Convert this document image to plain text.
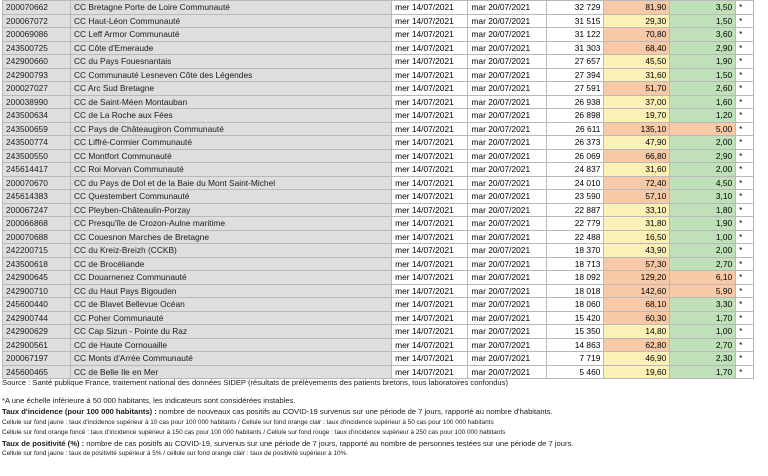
200070662	CC Bretagne Porte de Loire Communauté	mer 14/07/2021	mar 20/07/2021	32 729	81,90	3,50	*
200067072	CC Haut-Léon Communauté	mer 14/07/2021	mar 20/07/2021	31 515	29,30	1,50	*
200069086	CC Leff Armor Communauté	mer 14/07/2021	mar 20/07/2021	31 122	70,80	3,60	*
243500725	CC Côte d'Emeraude	mer 14/07/2021	mar 20/07/2021	31 303	68,40	2,90	*
242900660	CC du Pays Fouesnantais	mer 14/07/2021	mar 20/07/2021	27 657	45,50	1,90	*
242900793	CC Communauté Lesneven Côte des Légendes	mer 14/07/2021	mar 20/07/2021	27 394	31,60	1,50	*
200027027	CC Arc Sud Bretagne	mer 14/07/2021	mar 20/07/2021	27 591	51,70	2,60	*
200038990	CC de Saint-Méen Montauban	mer 14/07/2021	mar 20/07/2021	26 938	37,00	1,60	*
243500634	CC de La Roche aux Fées	mer 14/07/2021	mar 20/07/2021	26 898	19,70	1,20	*
243500659	CC Pays de Châteaugiron Communauté	mer 14/07/2021	mar 20/07/2021	26 611	135,10	5,00	*
243500774	CC Liffré-Cormier Communauté	mer 14/07/2021	mar 20/07/2021	26 373	47,90	2,00	*
243500550	CC Montfort Communauté	mer 14/07/2021	mar 20/07/2021	26 069	66,80	2,90	*
245614417	CC Roi Morvan Communauté	mer 14/07/2021	mar 20/07/2021	24 837	31,60	2,00	*
200070670	CC du Pays de Dol et de la Baie du Mont Saint-Michel	mer 14/07/2021	mar 20/07/2021	24 010	72,40	4,50	*
245614383	CC Questembert Communauté	mer 14/07/2021	mar 20/07/2021	23 590	57,10	3,10	*
200067247	CC Pleyben-Châteaulin-Porzay	mer 14/07/2021	mar 20/07/2021	22 887	33,10	1,80	*
200066868	CC Presqu'île de Crozon-Aulne maritime	mer 14/07/2021	mar 20/07/2021	22 779	31,80	1,90	*
200070688	CC Couesnon Marches de Bretagne	mer 14/07/2021	mar 20/07/2021	22 488	16,50	1,00	*
242200715	CC du Kreiz-Breizh (CCKB)	mer 14/07/2021	mar 20/07/2021	18 370	43,90	2,00	*
243500618	CC de Brocéliande	mer 14/07/2021	mar 20/07/2021	18 713	57,30	2,70	*
242900645	CC Douarnenez Communauté	mer 14/07/2021	mar 20/07/2021	18 092	129,20	6,10	*
242900710	CC du Haut Pays Bigouden	mer 14/07/2021	mar 20/07/2021	18 018	142,60	5,90	*
245600440	CC de Blavet Bellevue Océan	mer 14/07/2021	mar 20/07/2021	18 060	68,10	3,30	*
242900744	CC Poher Communauté	mer 14/07/2021	mar 20/07/2021	15 420	60,30	1,70	*
242900629	CC Cap Sizun - Pointe du Raz	mer 14/07/2021	mar 20/07/2021	15 350	14,80	1,00	*
242900561	CC de Haute Cornouaille	mer 14/07/2021	mar 20/07/2021	14 863	62,80	2,70	*
200067197	CC Monts d'Arrée Communauté	mer 14/07/2021	mar 20/07/2021	7 719	46,90	2,30	*
245600465	CC de Belle Ile en Mer	mer 14/07/2021	mar 20/07/2021	5 460	19,60	1,70	*

Source : Santé publique France, traitement national des données SIDEP (résultats de prélèvements des patients bretons, tous laboratoires confondus)

*A une échelle inférieure à 50 000 habitants, les indicateurs sont considérées instables.

Taux d'incidence (pour 100 000 habitants) : nombre de nouveaux cas positifs au COVID-19 survenus sur une période de 7 jours, rapporté au nombre d'habitants.

Cellule sur fond jaune : taux d'incidence supérieur à 10 cas pour 100 000 habitants / Cellule sur fond orange clair : taux d'incidence supérieur à 50 cas pour 100 000 habitants

Cellule sur fond orange foncé : taux d'incidence supérieur à 150 cas pour 100 000 habitants / Cellule sur fond rouge : taux d'incidence supérieur à 250 cas pour 100 000 habitants

Taux de positivité (%) : nombre de cas positifs au COVID-19, survenus sur une période de 7 jours, rapporté au nombre de personnes testées sur une période de 7 jours.

Cellule sur fond jaune : taux de positivité supérieur à 5% / cellule sur fond orange clair : taux de positivité supérieur à 10%.
